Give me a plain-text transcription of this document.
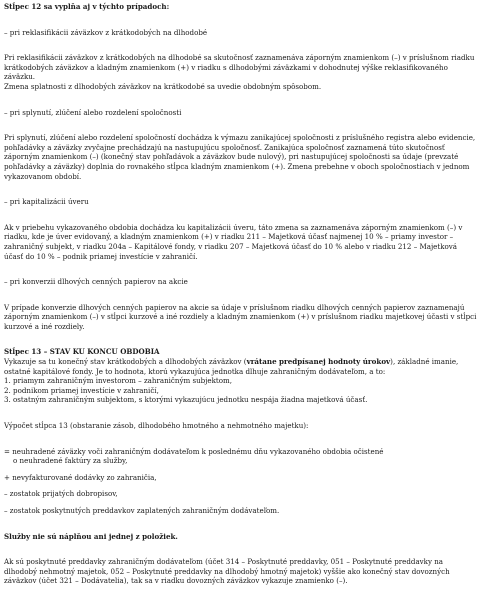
Stĺpec 12 sa vyplňa aj v týchto prípadoch:

– pri reklasifikácii záväzkov z krátkodobých na dlhodobé

Pri reklasifikácii záväzkov z krátkodobých na dlhodobé sa skutočnosť zaznamenáva záporným znamienkom (–) v príslušnom riadku krátkodobých záväzkov a kladným znamienkom (+) v riadku s dlhodobými záväzkami v dohodnutej výške reklasifikovaného záväzku.

Zmena splatnosti z dlhodobých záväzkov na krátkodobé sa uvedie obdobným spôsobom.

– pri splynutí, zlúčení alebo rozdelení spoločnosti

Pri splynutí, zlúčení alebo rozdelení spoločností dochádza k výmazu zanikajúcej spoločnosti z príslušného registra alebo evidencie, pohľadávky a záväzky zvyčajne prechádzajú na nastupujúcu spoločnosť. Zanikajúca spoločnosť zaznamená túto skutočnosť záporným znamienkom (–) (konečný stav pohľadávok a záväzkov bude nulový), pri nastupujúcej spoločnosti sa údaje (prevzaté pohľadávky a záväzky) doplnia do rovnakého stĺpca kladným znamienkom (+). Zmena prebehne v oboch spoločnostiach v jednom vykazovanom období.

– pri kapitalizácii úveru

Ak v priebehu vykazovaného obdobia dochádza ku kapitalizácii úveru, táto zmena sa zaznamenáva záporným znamienkom (–) v riadku, kde je úver evidovaný, a kladným znamienkom (+) v riadku 211 – Majetková účasť najmenej 10 % – priamy investor – zahraničný subjekt, v riadku 204a – Kapitálové fondy, v riadku 207 – Majetková účasť do 10 % alebo v riadku 212 – Majetková účasť do 10 % – podnik priamej investície v zahraničí.

– pri konverzii dlhových cenných papierov na akcie

V prípade konverzie dlhových cenných papierov na akcie sa údaje v príslušnom riadku dlhových cenných papierov zaznamenajú záporným znamienkom (–) v stĺpci kurzové a iné rozdiely a kladným znamienkom (+) v príslušnom riadku majetkovej účasti v stĺpci kurzové a iné rozdiely.

Stĺpec 13 – STAV KU KONCU OBDOBIA

Vykazuje sa tu konečný stav krátkodobých a dlhodobých záväzkov (vrátane predpísanej hodnoty úrokov), základné imanie, ostatné kapitálové fondy. Je to hodnota, ktorú vykazujúca jednotka dlhuje zahraničným dodávateľom, a to:

1. priamym zahraničným investorom – zahraničným subjektom,

2. podnikom priamej investície v zahraničí,

3. ostatným zahraničným subjektom, s ktorými vykazujúcu jednotku nespája žiadna majetková účasť.

Výpočet stĺpca 13 (obstaranie zásob, dlhodobého hmotného a nehmotného majetku):

= neuhradené záväzky voči zahraničným dodávateľom k poslednému dňu vykazovaného obdobia očistené

o neuhradené faktúry za služby,

+ nevyfakturované dodávky zo zahraničia,

– zostatok prijatých dobropisov,

– zostatok poskytnutých preddavkov zaplatených zahraničným dodávateľom.

Služby nie sú náplňou ani jednej z položiek.

Ak sú poskytnuté preddavky zahraničným dodávateľom (účet 314 – Poskytnuté preddavky, 051 – Poskytnuté preddavky na dlhodobý nehmotný majetok, 052 – Poskytnuté preddavky na dlhodobý hmotný majetok) vyššie ako konečný stav dovozných záväzkov (účet 321 – Dodávatelia), tak sa v riadku dovozných záväzkov vykazuje znamienko (–).
